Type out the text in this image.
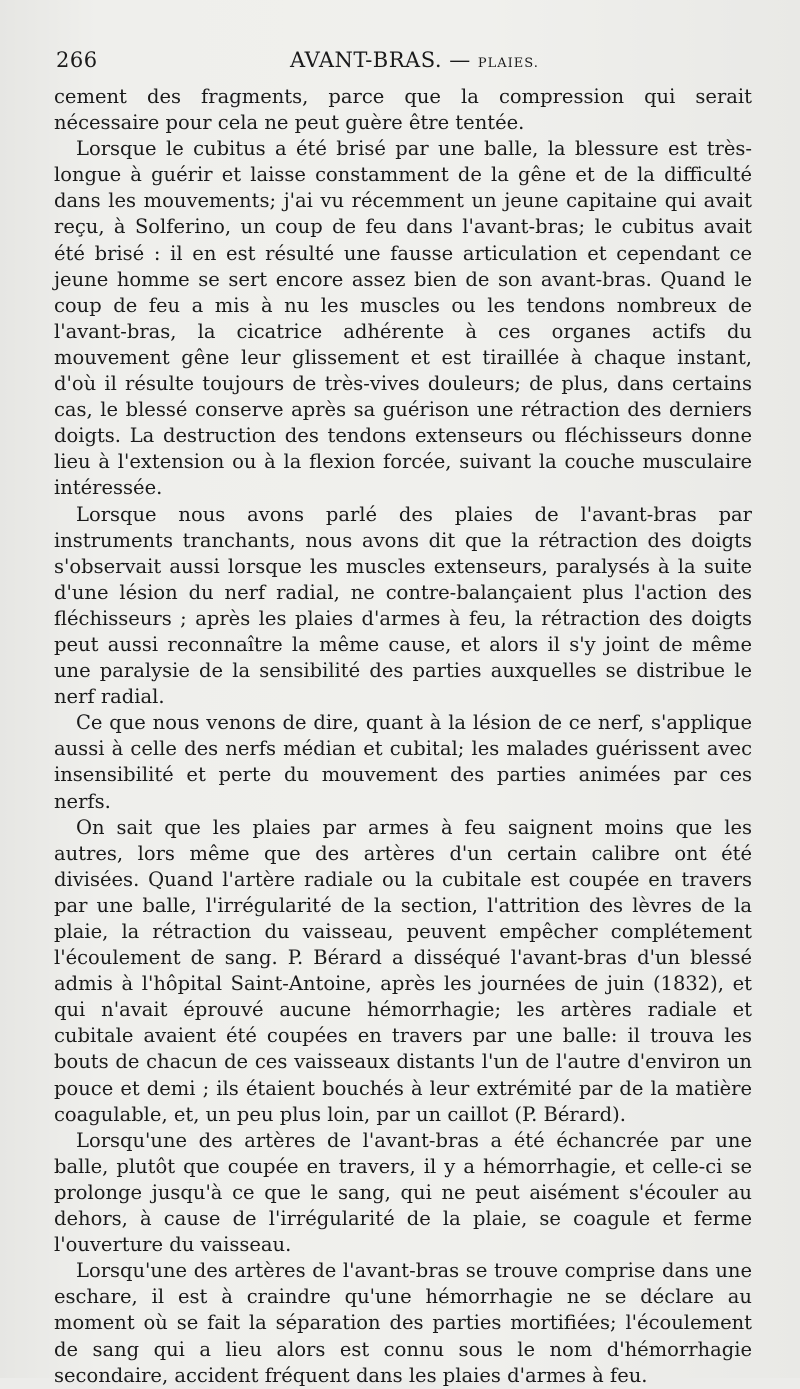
266	AVANT-BRAS. — PLAIES.

cement des fragments, parce que la compression qui serait nécessaire pour cela ne peut guère être tentée.

Lorsque le cubitus a été brisé par une balle, la blessure est très-longue à guérir et laisse constamment de la gêne et de la difficulté dans les mouvements; j'ai vu récemment un jeune capitaine qui avait reçu, à Solferino, un coup de feu dans l'avant-bras; le cubitus avait été brisé : il en est résulté une fausse articulation et cependant ce jeune homme se sert encore assez bien de son avant-bras. Quand le coup de feu a mis à nu les muscles ou les tendons nombreux de l'avant-bras, la cicatrice adhérente à ces organes actifs du mouvement gêne leur glissement et est tiraillée à chaque instant, d'où il résulte toujours de très-vives douleurs; de plus, dans certains cas, le blessé conserve après sa guérison une rétraction des derniers doigts. La destruction des tendons extenseurs ou fléchisseurs donne lieu à l'extension ou à la flexion forcée, suivant la couche musculaire intéressée.

Lorsque nous avons parlé des plaies de l'avant-bras par instruments tranchants, nous avons dit que la rétraction des doigts s'observait aussi lorsque les muscles extenseurs, paralysés à la suite d'une lésion du nerf radial, ne contre-balançaient plus l'action des fléchisseurs ; après les plaies d'armes à feu, la rétraction des doigts peut aussi reconnaître la même cause, et alors il s'y joint de même une paralysie de la sensibilité des parties auxquelles se distribue le nerf radial.

Ce que nous venons de dire, quant à la lésion de ce nerf, s'applique aussi à celle des nerfs médian et cubital; les malades guérissent avec insensibilité et perte du mouvement des parties animées par ces nerfs.

On sait que les plaies par armes à feu saignent moins que les autres, lors même que des artères d'un certain calibre ont été divisées. Quand l'artère radiale ou la cubitale est coupée en travers par une balle, l'irrégularité de la section, l'attrition des lèvres de la plaie, la rétraction du vaisseau, peuvent empêcher complétement l'écoulement de sang. P. Bérard a disséqué l'avant-bras d'un blessé admis à l'hôpital Saint-Antoine, après les journées de juin (1832), et qui n'avait éprouvé aucune hémorrhagie; les artères radiale et cubitale avaient été coupées en travers par une balle: il trouva les bouts de chacun de ces vaisseaux distants l'un de l'autre d'environ un pouce et demi ; ils étaient bouchés à leur extrémité par de la matière coagulable, et, un peu plus loin, par un caillot (P. Bérard).

Lorsqu'une des artères de l'avant-bras a été échancrée par une balle, plutôt que coupée en travers, il y a hémorrhagie, et celle-ci se prolonge jusqu'à ce que le sang, qui ne peut aisément s'écouler au dehors, à cause de l'irrégularité de la plaie, se coagule et ferme l'ouverture du vaisseau.

Lorsqu'une des artères de l'avant-bras se trouve comprise dans une eschare, il est à craindre qu'une hémorrhagie ne se déclare au moment où se fait la séparation des parties mortifiées; l'écoulement de sang qui a lieu alors est connu sous le nom d'hémorrhagie secondaire, accident fréquent dans les plaies d'armes à feu.
